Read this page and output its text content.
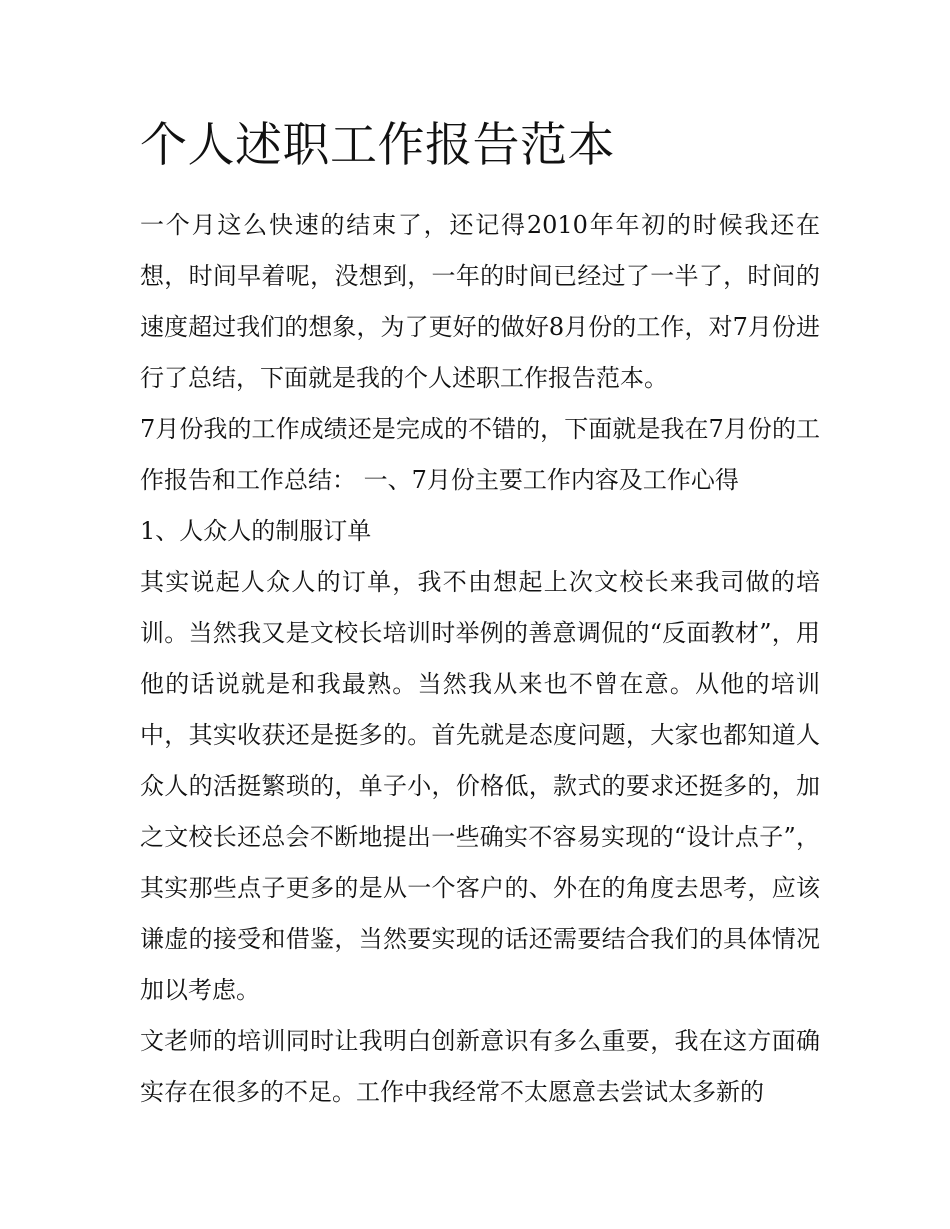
个人述职工作报告范本

一个月这么快速的结束了，还记得2010年年初的时候我还在想，时间早着呢，没想到，一年的时间已经过了一半了，时间的速度超过我们的想象，为了更好的做好8月份的工作，对7月份进行了总结，下面就是我的个人述职工作报告范本。

7月份我的工作成绩还是完成的不错的，下面就是我在7月份的工作报告和工作总结： 一、7月份主要工作内容及工作心得

1、人众人的制服订单

其实说起人众人的订单，我不由想起上次文校长来我司做的培训。当然我又是文校长培训时举例的善意调侃的“反面教材”，用他的话说就是和我最熟。当然我从来也不曾在意。从他的培训中，其实收获还是挺多的。首先就是态度问题，大家也都知道人众人的活挺繁琐的，单子小，价格低，款式的要求还挺多的，加之文校长还总会不断地提出一些确实不容易实现的“设计点子”，其实那些点子更多的是从一个客户的、外在的角度去思考，应该谦虚的接受和借鉴，当然要实现的话还需要结合我们的具体情况加以考虑。

文老师的培训同时让我明白创新意识有多么重要，我在这方面确实存在很多的不足。工作中我经常不太愿意去尝试太多新的
